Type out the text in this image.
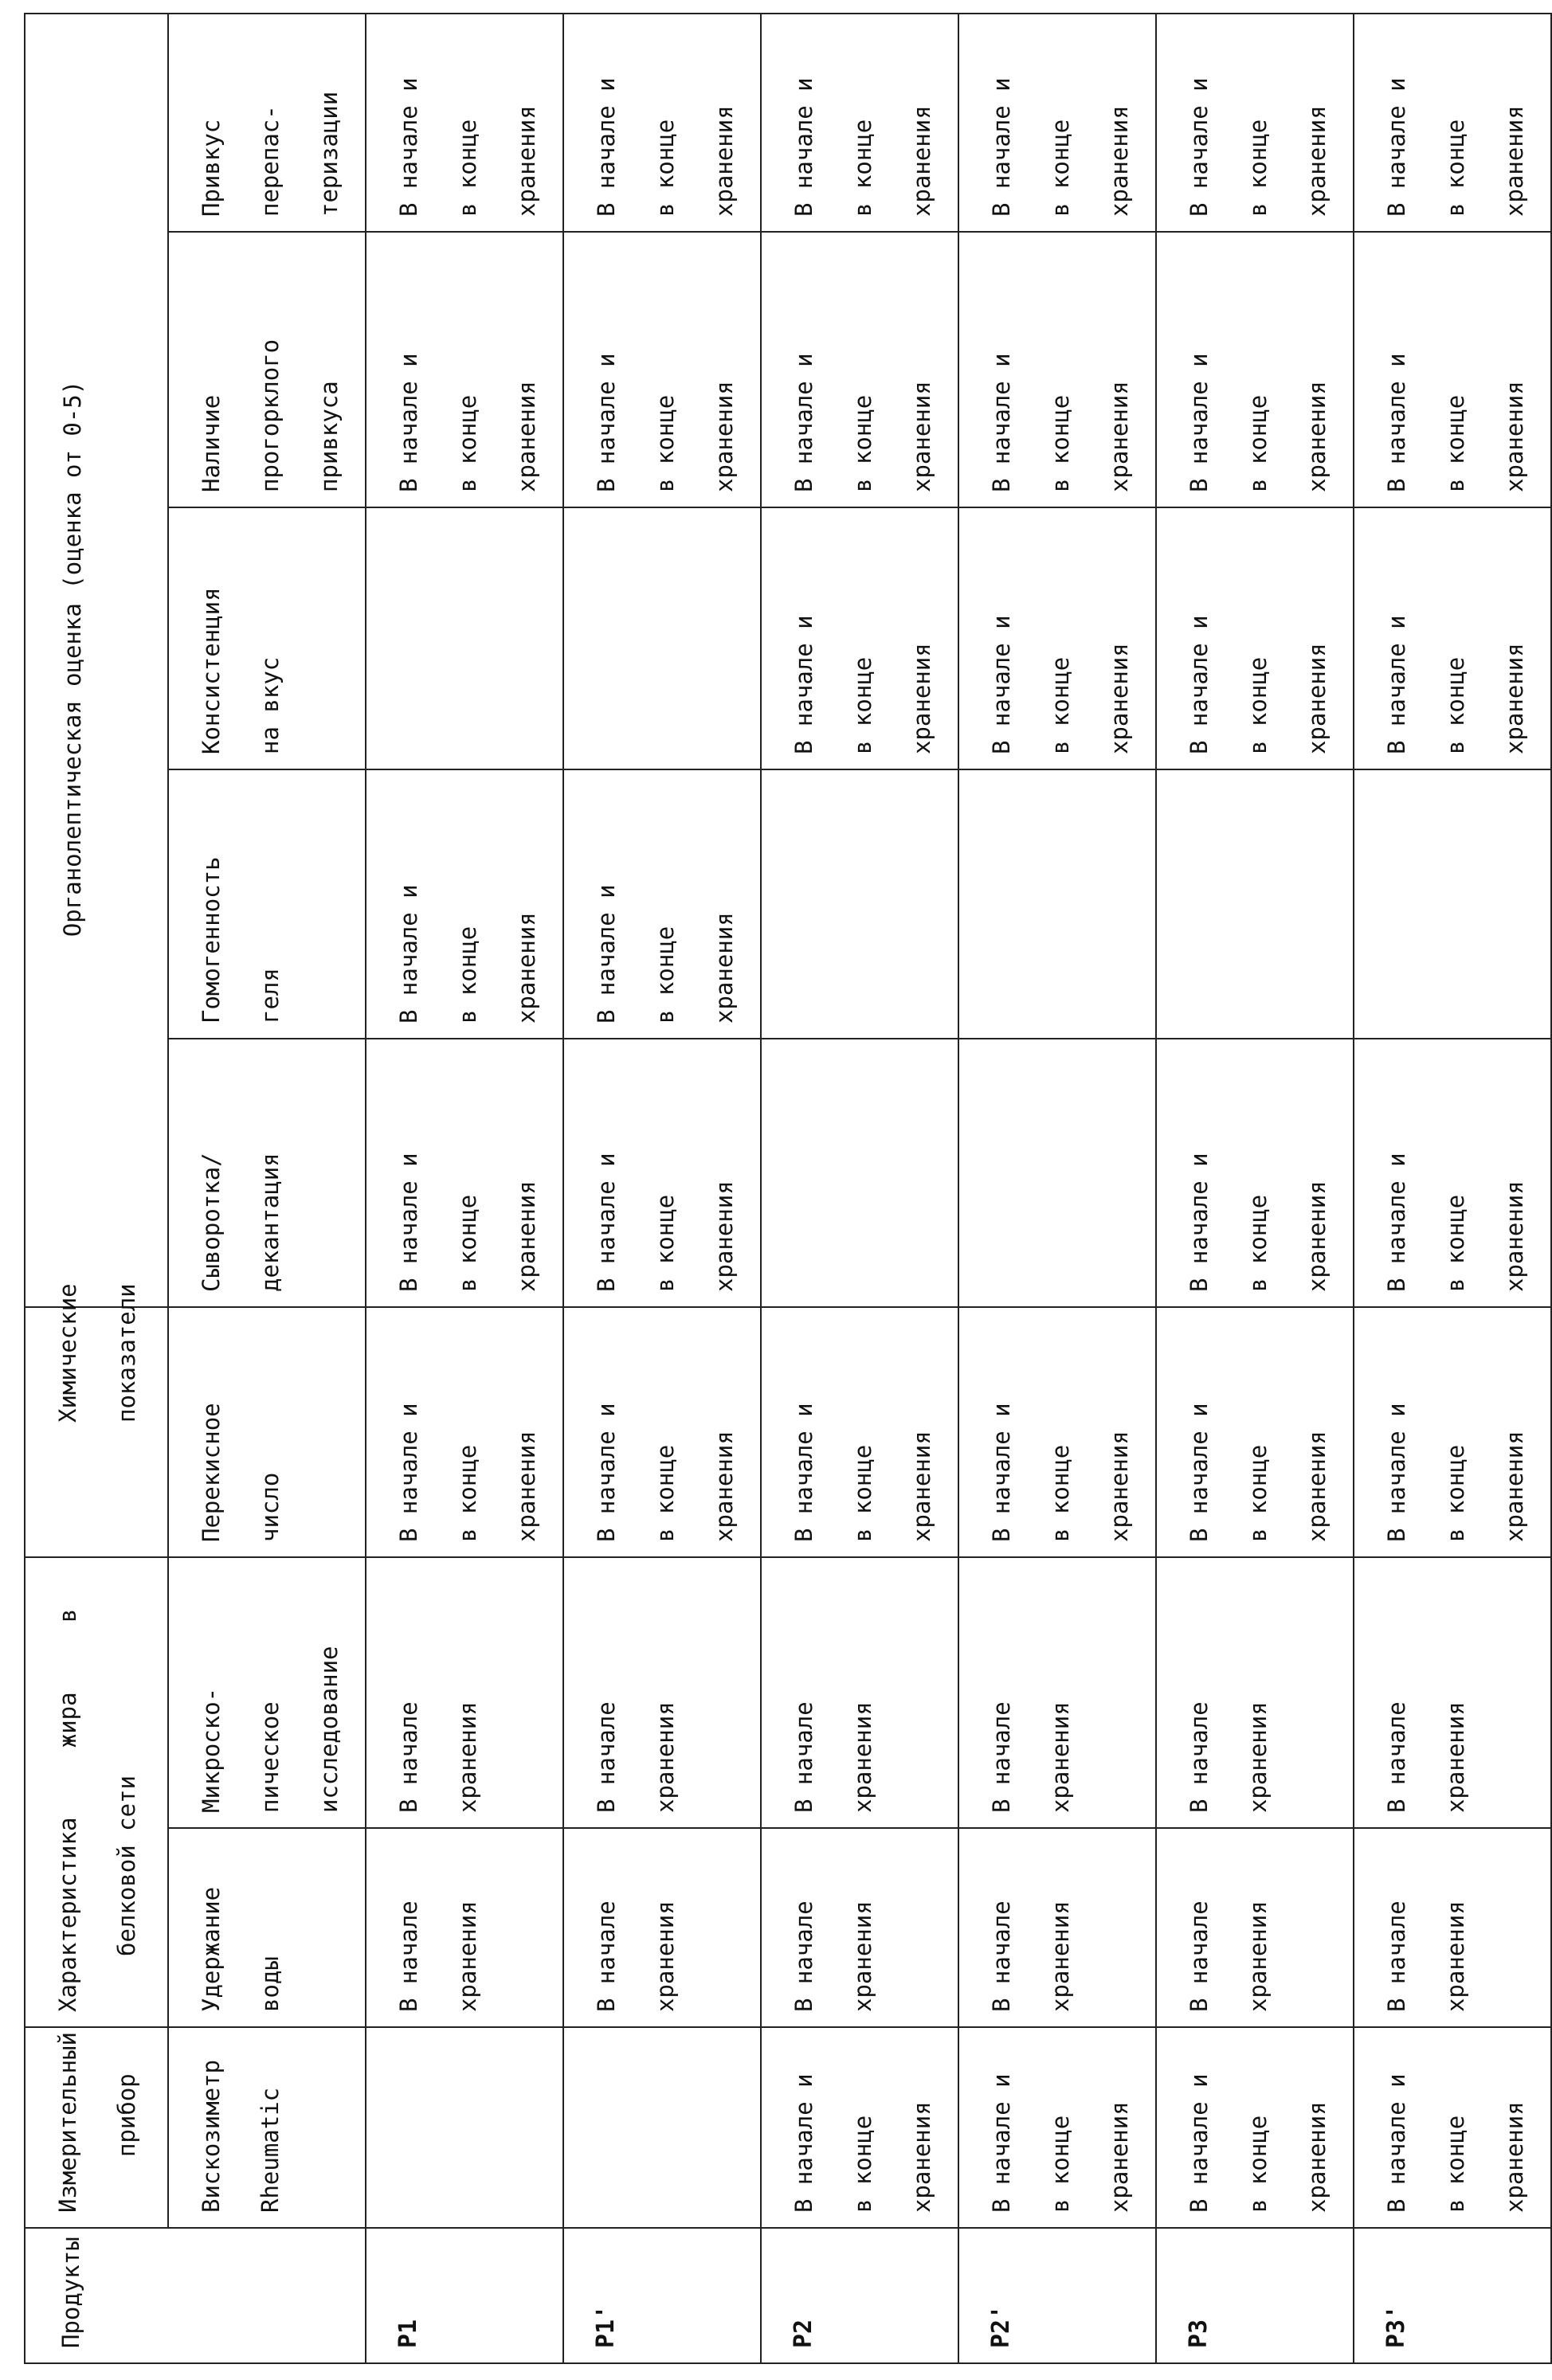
Продукты

Измерительный	прибор

Характеристика     жира     в	белковой сети

Химические	показатели

Органолептическая оценка (оценка от 0-5)

Вискозиметр	Rheumatic

Удержание	воды

Микроско-	пическое	исследование

Перекисное	число

Сыворотка/	декантация

Гомогенность	геля

Консистенция	на вкус

Наличие	прогорклого	привкуса

Привкус	перепас-	теризации

P1

В начале	хранения

В начале	хранения

В начале и	в конце	хранения

В начале и	в конце	хранения

В начале и	в конце	хранения

В начале и	в конце	хранения

В начале и	в конце	хранения

P1'

В начале	хранения

В начале	хранения

В начале и	в конце	хранения

В начале и	в конце	хранения

В начале и	в конце	хранения

В начале и	в конце	хранения

В начале и	в конце	хранения

P2

В начале и	в конце	хранения

В начале	хранения

В начале	хранения

В начале и	в конце	хранения

В начале и	в конце	хранения

В начале и	в конце	хранения

В начале и	в конце	хранения

P2'

В начале и	в конце	хранения

В начале	хранения

В начале	хранения

В начале и	в конце	хранения

В начале и	в конце	хранения

В начале и	в конце	хранения

В начале и	в конце	хранения

P3

В начале и	в конце	хранения

В начале	хранения

В начале	хранения

В начале и	в конце	хранения

В начале и	в конце	хранения

В начале и	в конце	хранения

В начале и	в конце	хранения

В начале и	в конце	хранения

P3'

В начале и	в конце	хранения

В начале	хранения

В начале	хранения

В начале и	в конце	хранения

В начале и	в конце	хранения

В начале и	в конце	хранения

В начале и	в конце	хранения

В начале и	в конце	хранения
